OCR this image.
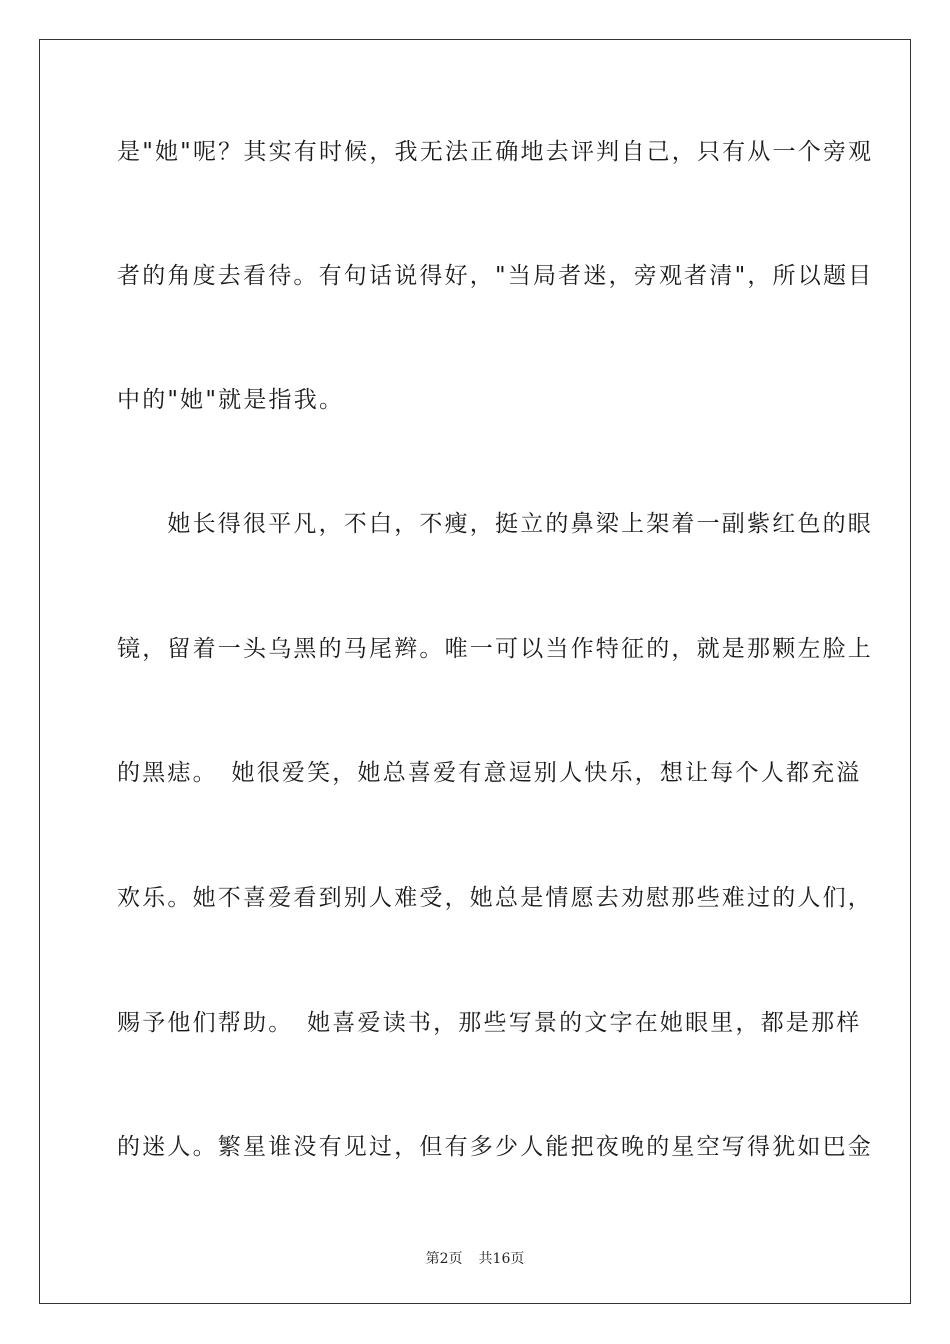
是"她"呢？其实有时候，我无法正确地去评判自己，只有从一个旁观
者的角度去看待。有句话说得好，"当局者迷，旁观者清"，所以题目
中的"她"就是指我。
　　她长得很平凡，不白，不瘦，挺立的鼻梁上架着一副紫红色的眼
镜，留着一头乌黑的马尾辫。唯一可以当作特征的，就是那颗左脸上
的黑痣。　她很爱笑，她总喜爱有意逗别人快乐，想让每个人都充溢
欢乐。她不喜爱看到别人难受，她总是情愿去劝慰那些难过的人们，
赐予他们帮助。　她喜爱读书，那些写景的文字在她眼里，都是那样
的迷人。繁星谁没有见过，但有多少人能把夜晚的星空写得犹如巴金
第2页 共16页
